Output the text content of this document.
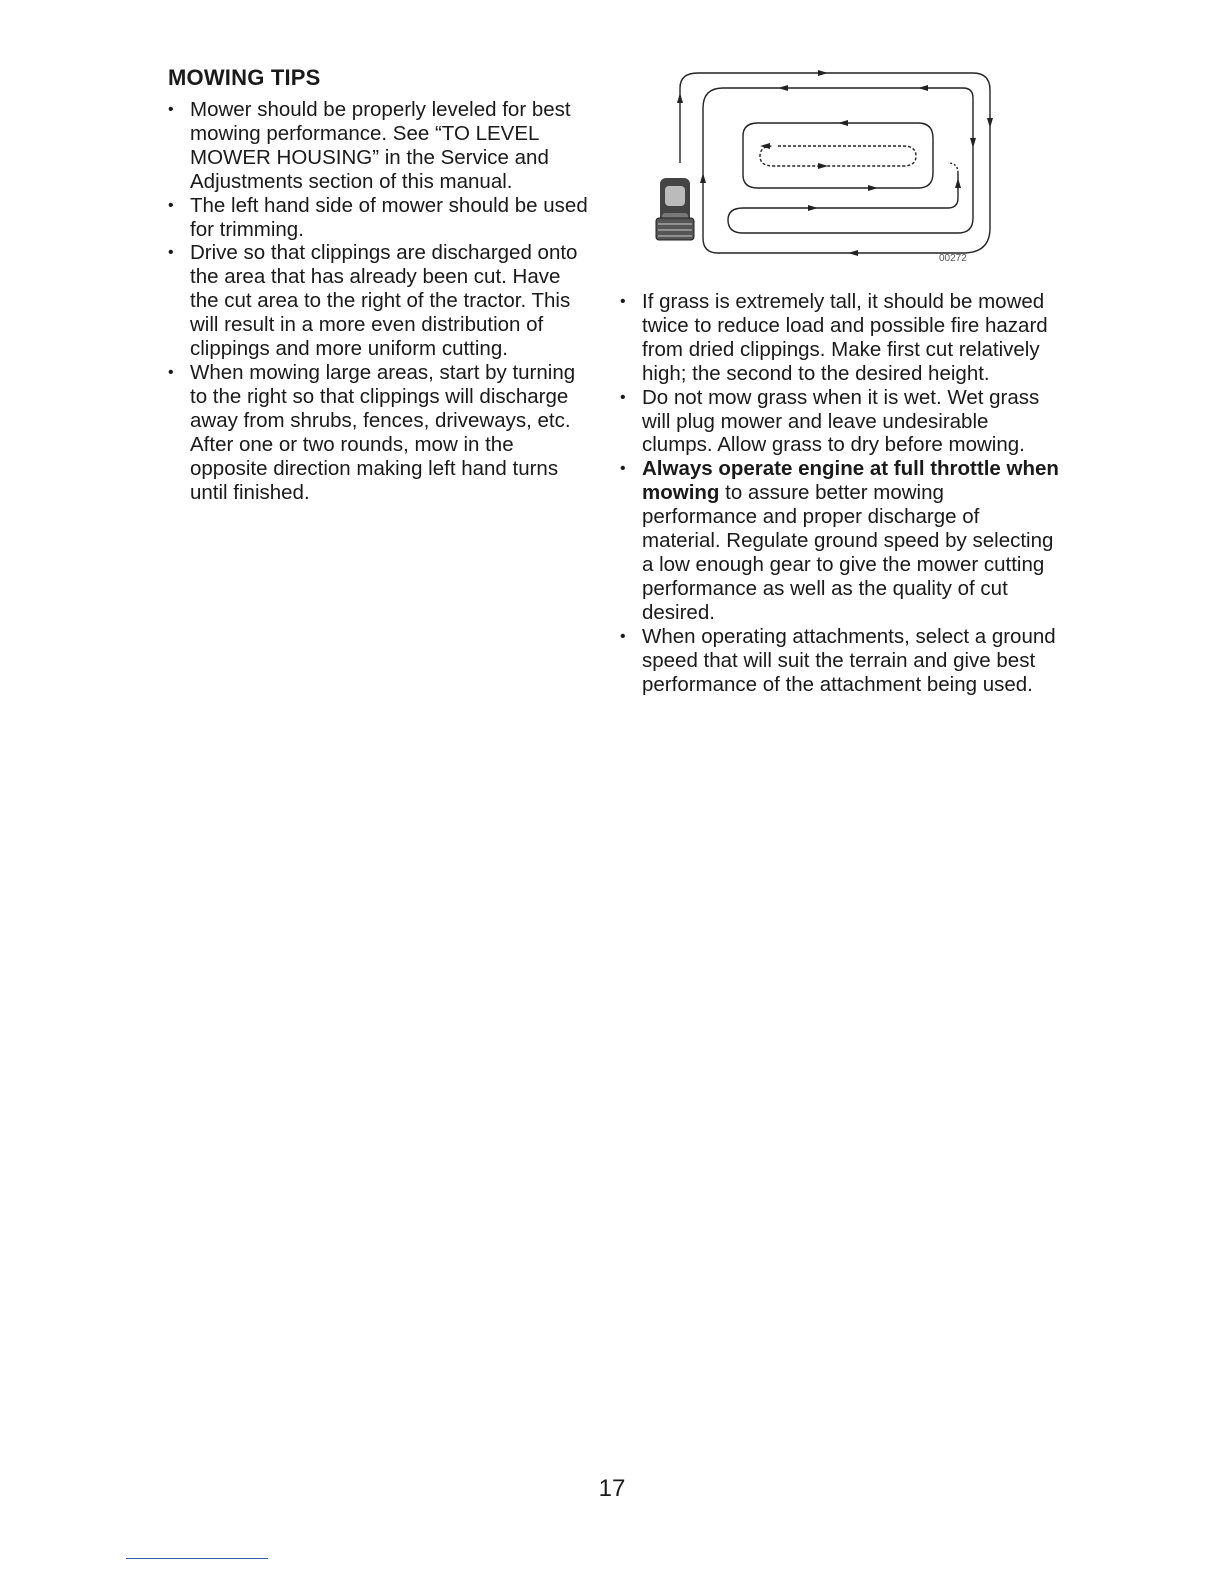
MOWING TIPS
• Mower should be properly leveled for best mowing performance. See “TO LEVEL MOWER HOUSING” in the Service and Adjustments section of this manual.
• The left hand side of mower should be used for trimming.
• Drive so that clippings are discharged onto the area that has already been cut. Have the cut area to the right of the tractor. This will result in a more even distribution of clippings and more uniform cutting.
• When mowing large areas, start by turning to the right so that clippings will discharge away from shrubs, fences, driveways, etc. After one or two rounds, mow in the opposite direction making left hand turns until finished.
00272
• If grass is extremely tall, it should be mowed twice to reduce load and possible fire hazard from dried clippings. Make first cut relatively high; the second to the desired height.
• Do not mow grass when it is wet. Wet grass will plug mower and leave undesirable clumps. Allow grass to dry before mowing.
• Always operate engine at full throttle when mowing to assure better mowing performance and proper discharge of material. Regulate ground speed by selecting a low enough gear to give the mower cutting performance as well as the quality of cut desired.
• When operating attachments, select a ground speed that will suit the terrain and give best performance of the attachment being used.
17
